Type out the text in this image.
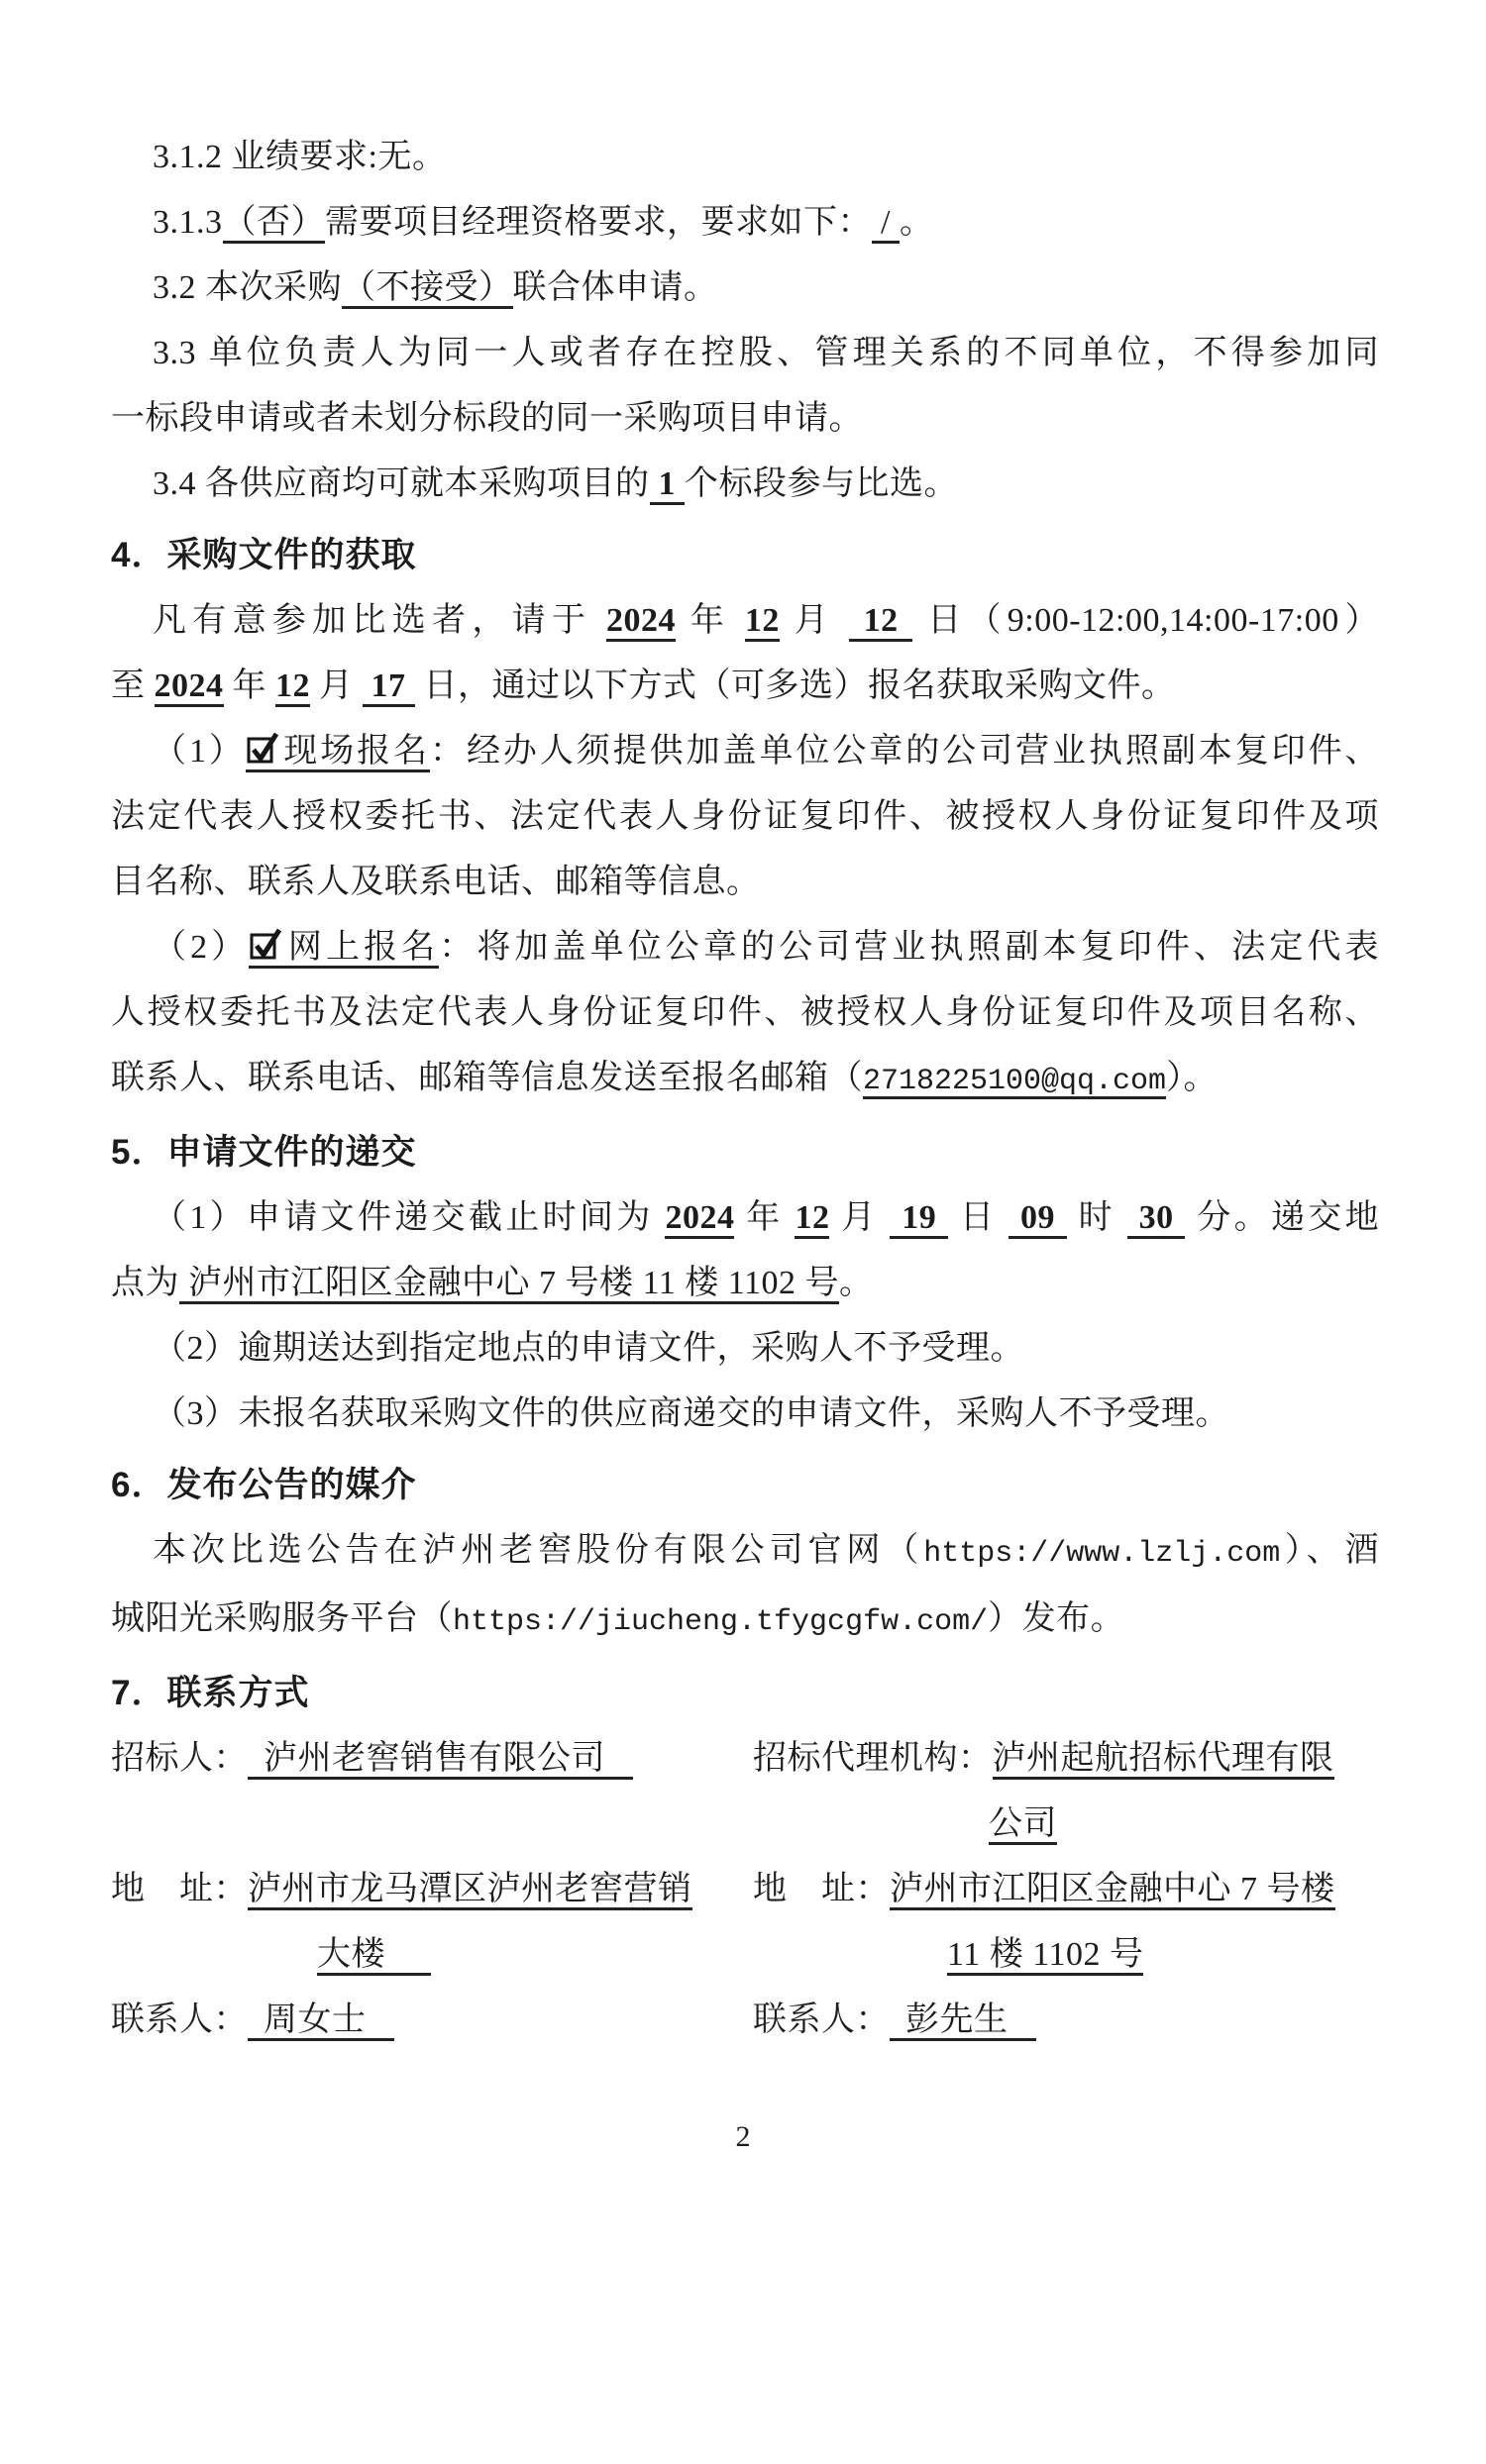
3.1.2 业绩要求:无。
3.1.3（否）需要项目经理资格要求，要求如下： / 。
3.2 本次采购（不接受）联合体申请。
3.3 单位负责人为同一人或者存在控股、管理关系的不同单位，不得参加同
一标段申请或者未划分标段的同一采购项目申请。
3.4 各供应商均可就本采购项目的 1 个标段参与比选。
4．采购文件的获取
凡有意参加比选者，请于 2024 年 12 月  12  日（9:00-12:00,14:00-17:00）
至 2024 年 12 月  17  日，通过以下方式（可多选）报名获取采购文件。
（1） 现场报名：经办人须提供加盖单位公章的公司营业执照副本复印件、
法定代表人授权委托书、法定代表人身份证复印件、被授权人身份证复印件及项
目名称、联系人及联系电话、邮箱等信息。
（2） 网上报名：将加盖单位公章的公司营业执照副本复印件、法定代表
人授权委托书及法定代表人身份证复印件、被授权人身份证复印件及项目名称、
联系人、联系电话、邮箱等信息发送至报名邮箱（2718225100@qq.com）。
5．申请文件的递交
（1）申请文件递交截止时间为 2024 年 12 月  19  日  09  时  30  分。递交地
点为 泸州市江阳区金融中心 7 号楼 11 楼 1102 号。
（2）逾期送达到指定地点的申请文件，采购人不予受理。
（3）未报名获取采购文件的供应商递交的申请文件，采购人不予受理。
6．发布公告的媒介
本次比选公告在泸州老窖股份有限公司官网（https://www.lzlj.com）、酒
城阳光采购服务平台（https://jiucheng.tfygcgfw.com/）发布。
7．联系方式
招标人： 泸州老窖销售有限公司	招标代理机构：泸州起航招标代理有限
公司
地　址：泸州市龙马潭区泸州老窖营销
大楼
地　址：泸州市江阳区金融中心 7 号楼
11 楼 1102 号
联系人： 周女士	联系人： 彭先生
2
